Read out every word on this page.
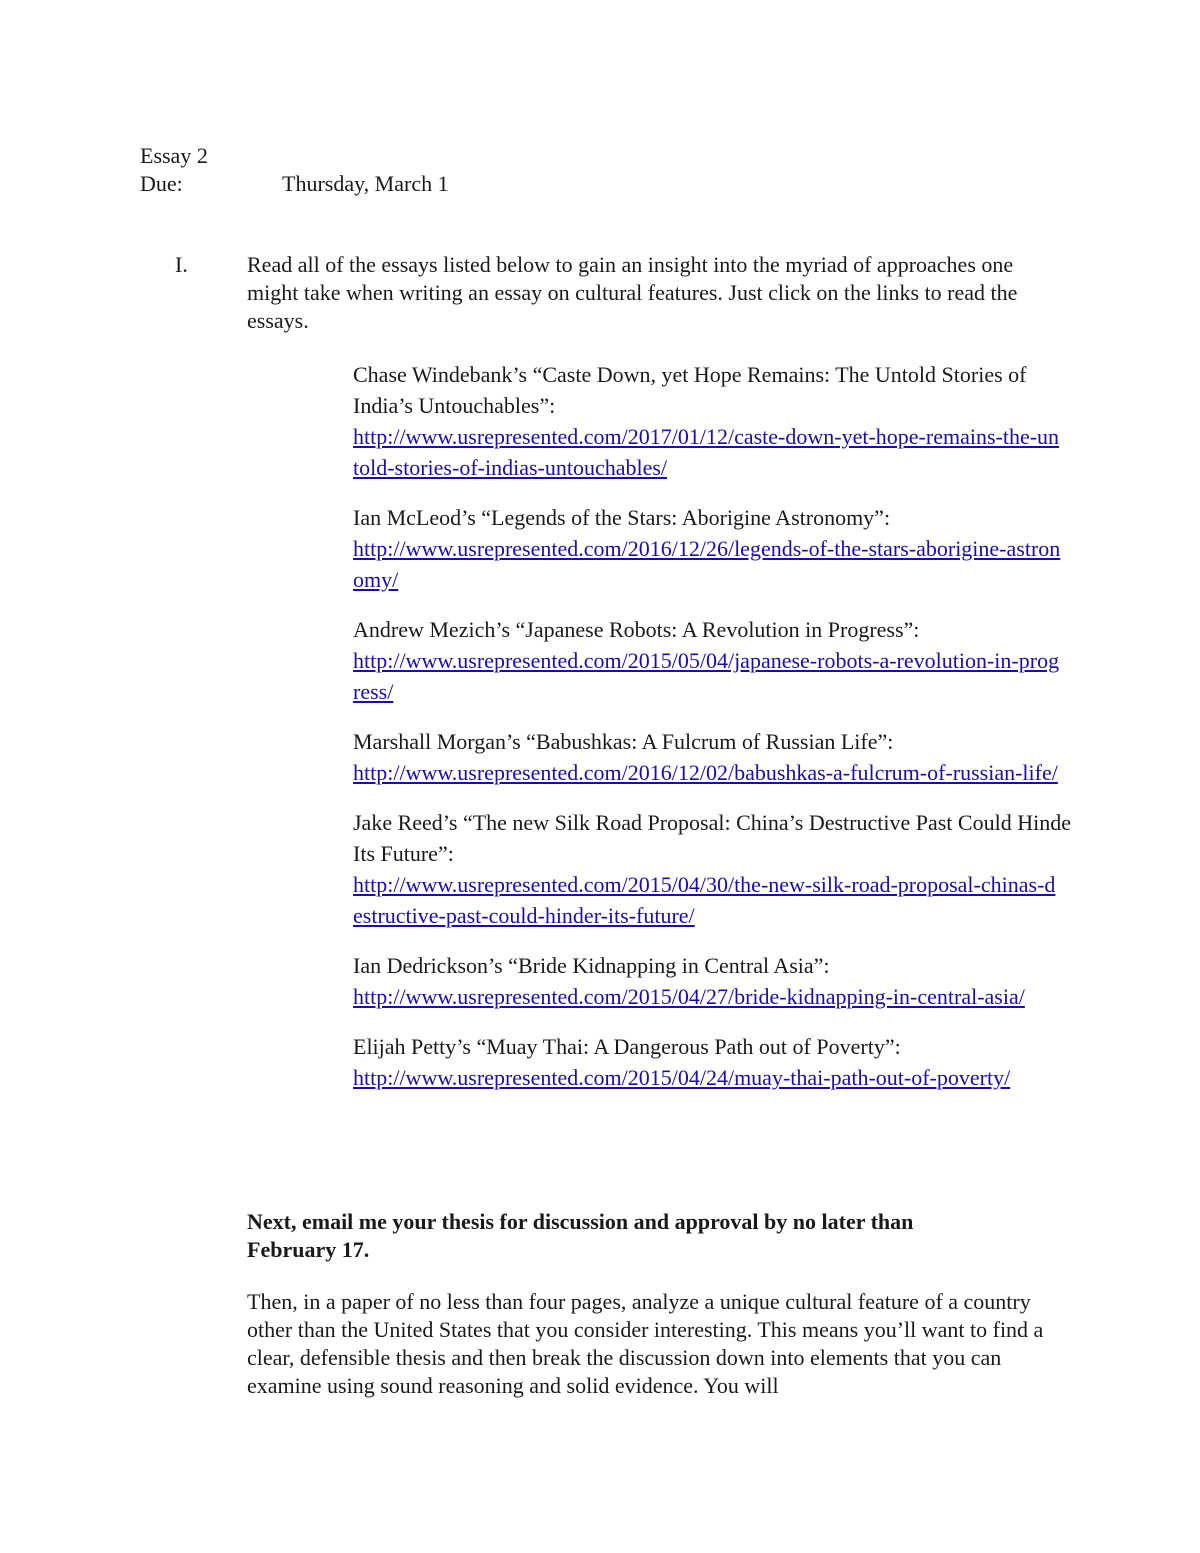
Essay 2
Due:	Thursday, March 1
I.	Read all of the essays listed below to gain an insight into the myriad of approaches one might take when writing an essay on cultural features. Just click on the links to read the essays.
Chase Windebank’s “Caste Down, yet Hope Remains: The Untold Stories of India’s Untouchables”:
http://www.usrepresented.com/2017/01/12/caste-down-yet-hope-remains-the-untold-stories-of-indias-untouchables/
Ian McLeod’s “Legends of the Stars: Aborigine Astronomy”:
http://www.usrepresented.com/2016/12/26/legends-of-the-stars-aborigine-astronomy/
Andrew Mezich’s “Japanese Robots: A Revolution in Progress”:
http://www.usrepresented.com/2015/05/04/japanese-robots-a-revolution-in-progress/
Marshall Morgan’s “Babushkas: A Fulcrum of Russian Life”:
http://www.usrepresented.com/2016/12/02/babushkas-a-fulcrum-of-russian-life/
Jake Reed’s “The new Silk Road Proposal: China’s Destructive Past Could Hinde Its Future”:
http://www.usrepresented.com/2015/04/30/the-new-silk-road-proposal-chinas-destructive-past-could-hinder-its-future/
Ian Dedrickson’s “Bride Kidnapping in Central Asia”:
http://www.usrepresented.com/2015/04/27/bride-kidnapping-in-central-asia/
Elijah Petty’s “Muay Thai: A Dangerous Path out of Poverty”:
http://www.usrepresented.com/2015/04/24/muay-thai-path-out-of-poverty/
Next, email me your thesis for discussion and approval by no later than February 17.
Then, in a paper of no less than four pages, analyze a unique cultural feature of a country other than the United States that you consider interesting. This means you’ll want to find a clear, defensible thesis and then break the discussion down into elements that you can examine using sound reasoning and solid evidence. You will
